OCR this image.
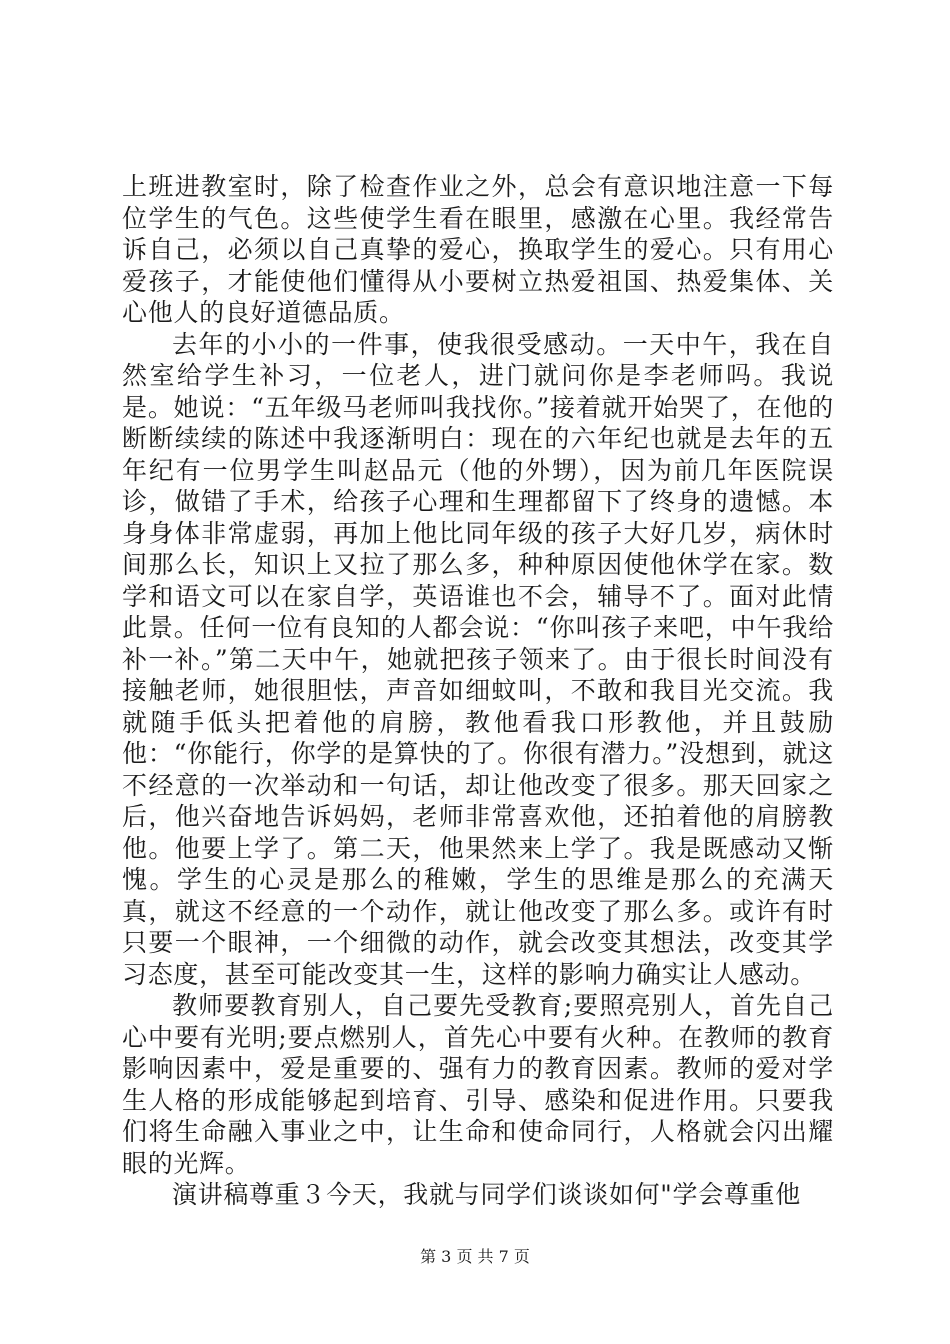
上班进教室时，除了检查作业之外，总会有意识地注意一下每位学生的气色。这些使学生看在眼里，感激在心里。我经常告诉自己，必须以自己真挚的爱心，换取学生的爱心。只有用心爱孩子，才能使他们懂得从小要树立热爱祖国、热爱集体、关心他人的良好道德品质。

去年的小小的一件事，使我很受感动。一天中午，我在自然室给学生补习，一位老人，进门就问你是李老师吗。我说是。她说：“五年级马老师叫我找你。”接着就开始哭了，在他的断断续续的陈述中我逐渐明白：现在的六年纪也就是去年的五年纪有一位男学生叫赵品元（他的外甥），因为前几年医院误诊，做错了手术，给孩子心理和生理都留下了终身的遗憾。本身身体非常虚弱，再加上他比同年级的孩子大好几岁，病休时间那么长，知识上又拉了那么多，种种原因使他休学在家。数学和语文可以在家自学，英语谁也不会，辅导不了。面对此情此景。任何一位有良知的人都会说：“你叫孩子来吧，中午我给补一补。”第二天中午，她就把孩子领来了。由于很长时间没有接触老师，她很胆怯，声音如细蚊叫，不敢和我目光交流。我就随手低头把着他的肩膀，教他看我口形教他，并且鼓励他：“你能行，你学的是算快的了。你很有潜力。”没想到，就这不经意的一次举动和一句话，却让他改变了很多。那天回家之后，他兴奋地告诉妈妈，老师非常喜欢他，还拍着他的肩膀教他。他要上学了。第二天，他果然来上学了。我是既感动又惭愧。学生的心灵是那么的稚嫩，学生的思维是那么的充满天真，就这不经意的一个动作，就让他改变了那么多。或许有时只要一个眼神，一个细微的动作，就会改变其想法，改变其学习态度，甚至可能改变其一生，这样的影响力确实让人感动。

教师要教育别人，自己要先受教育;要照亮别人，首先自己心中要有光明;要点燃别人，首先心中要有火种。在教师的教育影响因素中，爱是重要的、强有力的教育因素。教师的爱对学生人格的形成能够起到培育、引导、感染和促进作用。只要我们将生命融入事业之中，让生命和使命同行，人格就会闪出耀眼的光辉。

演讲稿尊重３今天，我就与同学们谈谈如何"学会尊重他

第 3 页 共 7 页
